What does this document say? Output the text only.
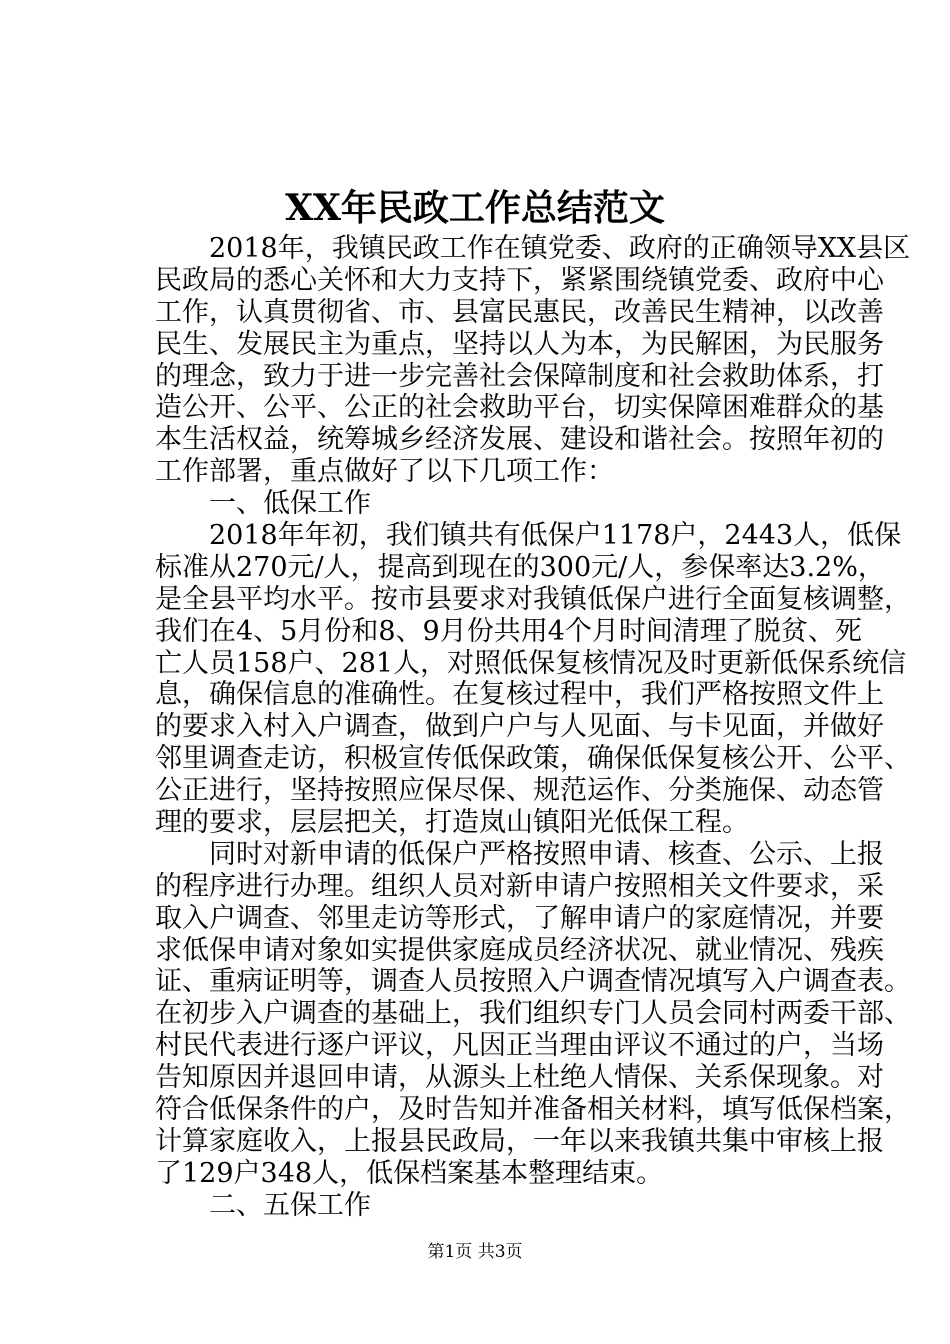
XX年民政工作总结范文
　2018年，我镇民政工作在镇党委、政府的正确领导XX县区
民政局的悉心关怀和大力支持下，紧紧围绕镇党委、政府中心
工作，认真贯彻省、市、县富民惠民，改善民生精神，以改善
民生、发展民主为重点，坚持以人为本，为民解困，为民服务
的理念，致力于进一步完善社会保障制度和社会救助体系，打
造公开、公平、公正的社会救助平台，切实保障困难群众的基
本生活权益，统筹城乡经济发展、建设和谐社会。按照年初的
工作部署，重点做好了以下几项工作：
　一、低保工作
　2018年年初，我们镇共有低保户1178户，2443人，低保
标准从270元/人，提高到现在的300元/人，参保率达3.2%，
是全县平均水平。按市县要求对我镇低保户进行全面复核调整，
我们在4、5月份和8、9月份共用4个月时间清理了脱贫、死
亡人员158户、281人，对照低保复核情况及时更新低保系统信
息，确保信息的准确性。在复核过程中，我们严格按照文件上
的要求入村入户调查，做到户户与人见面、与卡见面，并做好
邻里调查走访，积极宣传低保政策，确保低保复核公开、公平、
公正进行，坚持按照应保尽保、规范运作、分类施保、动态管
理的要求，层层把关，打造岚山镇阳光低保工程。
　同时对新申请的低保户严格按照申请、核查、公示、上报
的程序进行办理。组织人员对新申请户按照相关文件要求，采
取入户调查、邻里走访等形式，了解申请户的家庭情况，并要
求低保申请对象如实提供家庭成员经济状况、就业情况、残疾
证、重病证明等，调查人员按照入户调查情况填写入户调查表。
在初步入户调查的基础上，我们组织专门人员会同村两委干部、
村民代表进行逐户评议，凡因正当理由评议不通过的户，当场
告知原因并退回申请，从源头上杜绝人情保、关系保现象。对
符合低保条件的户，及时告知并准备相关材料，填写低保档案，
计算家庭收入，上报县民政局，一年以来我镇共集中审核上报
了129户348人，低保档案基本整理结束。
　二、五保工作
第1页 共3页
